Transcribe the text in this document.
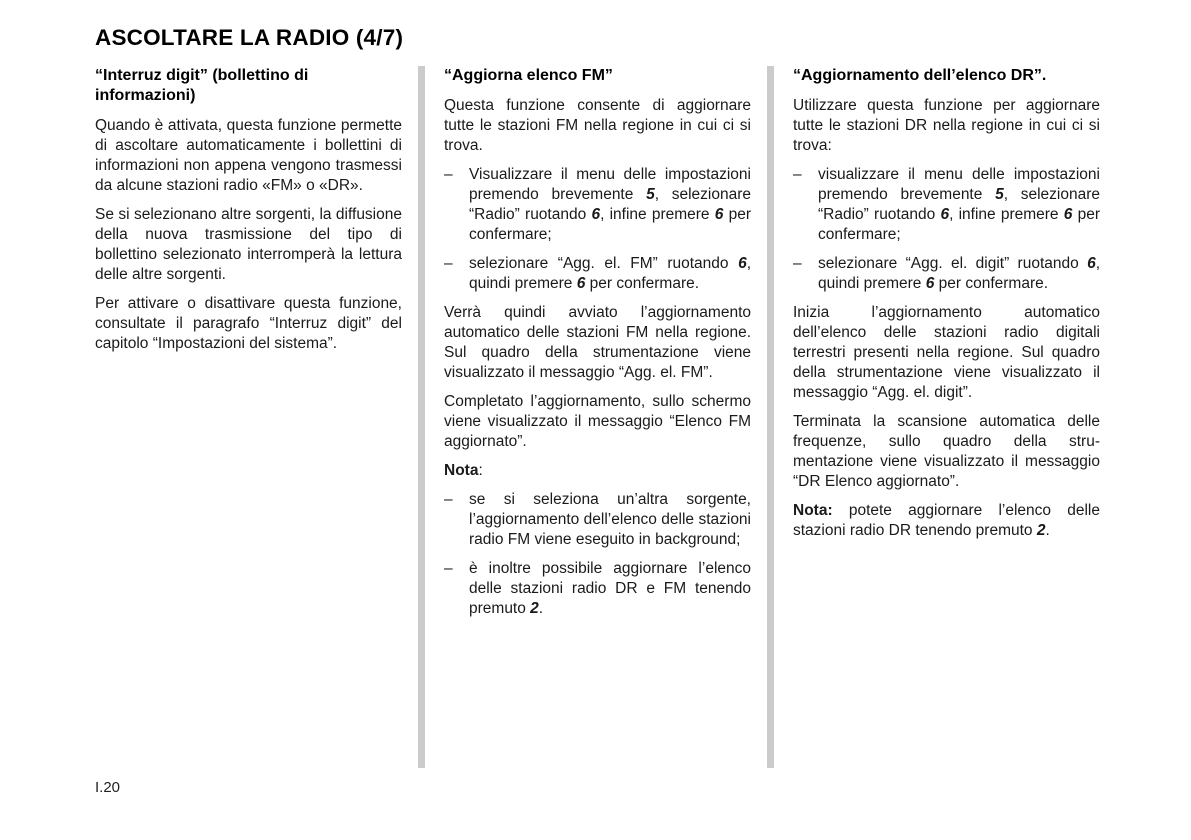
ASCOLTARE LA RADIO (4/7)
“Interruz digit” (bollettino di informazioni)

Quando è attivata, questa funzione permette di ascoltare automaticamente i bollettini di informazioni non appena vengono trasmessi da alcune stazioni radio «FM» o «DR».

Se si selezionano altre sorgenti, la diffusione della nuova trasmissione del tipo di bollettino selezionato interromperà la lettura delle altre sorgenti.

Per attivare o disattivare questa funzione, consultate il paragrafo “Interruz digit” del capitolo “Impostazioni del sistema”.

“Aggiorna elenco FM”

Questa funzione consente di aggiornare tutte le stazioni FM nella regione in cui ci si trova.

– Visualizzare il menu delle impostazioni premendo brevemente 5, selezionare “Radio” ruotando 6, infine premere 6 per confermare;
– selezionare “Agg. el. FM” ruotando 6, quindi premere 6 per confermare.

Verrà quindi avviato l’aggiornamento automatico delle stazioni FM nella regione. Sul quadro della strumentazione viene visualizzato il messaggio “Agg. el. FM”.

Completato l’aggiornamento, sullo schermo viene visualizzato il messaggio “Elenco FM aggiornato”.

Nota:

– se si seleziona un’altra sorgente, l’aggiornamento dell’elenco delle stazioni radio FM viene eseguito in background;
– è inoltre possibile aggiornare l’elenco delle stazioni radio DR e FM tenendo premuto 2.
“Aggiornamento dell’elenco DR”.

Utilizzare questa funzione per aggiornare tutte le stazioni DR nella regione in cui ci si trova:

– visualizzare il menu delle impostazioni premendo brevemente 5, selezionare “Radio” ruotando 6, infine premere 6 per confermare;
– selezionare “Agg. el. digit” ruotando 6, quindi premere 6 per confermare.

Inizia l’aggiornamento automatico dell’elenco delle stazioni radio digitali terrestri presenti nella regione. Sul quadro della strumentazione viene visualizzato il messaggio “Agg. el. digit”.

Terminata la scansione automatica delle frequenze, sullo quadro della strumentazione viene visualizzato il messaggio “DR Elenco aggiornato”.

Nota: potete aggiornare l’elenco delle stazioni radio DR tenendo premuto 2.

I.20
